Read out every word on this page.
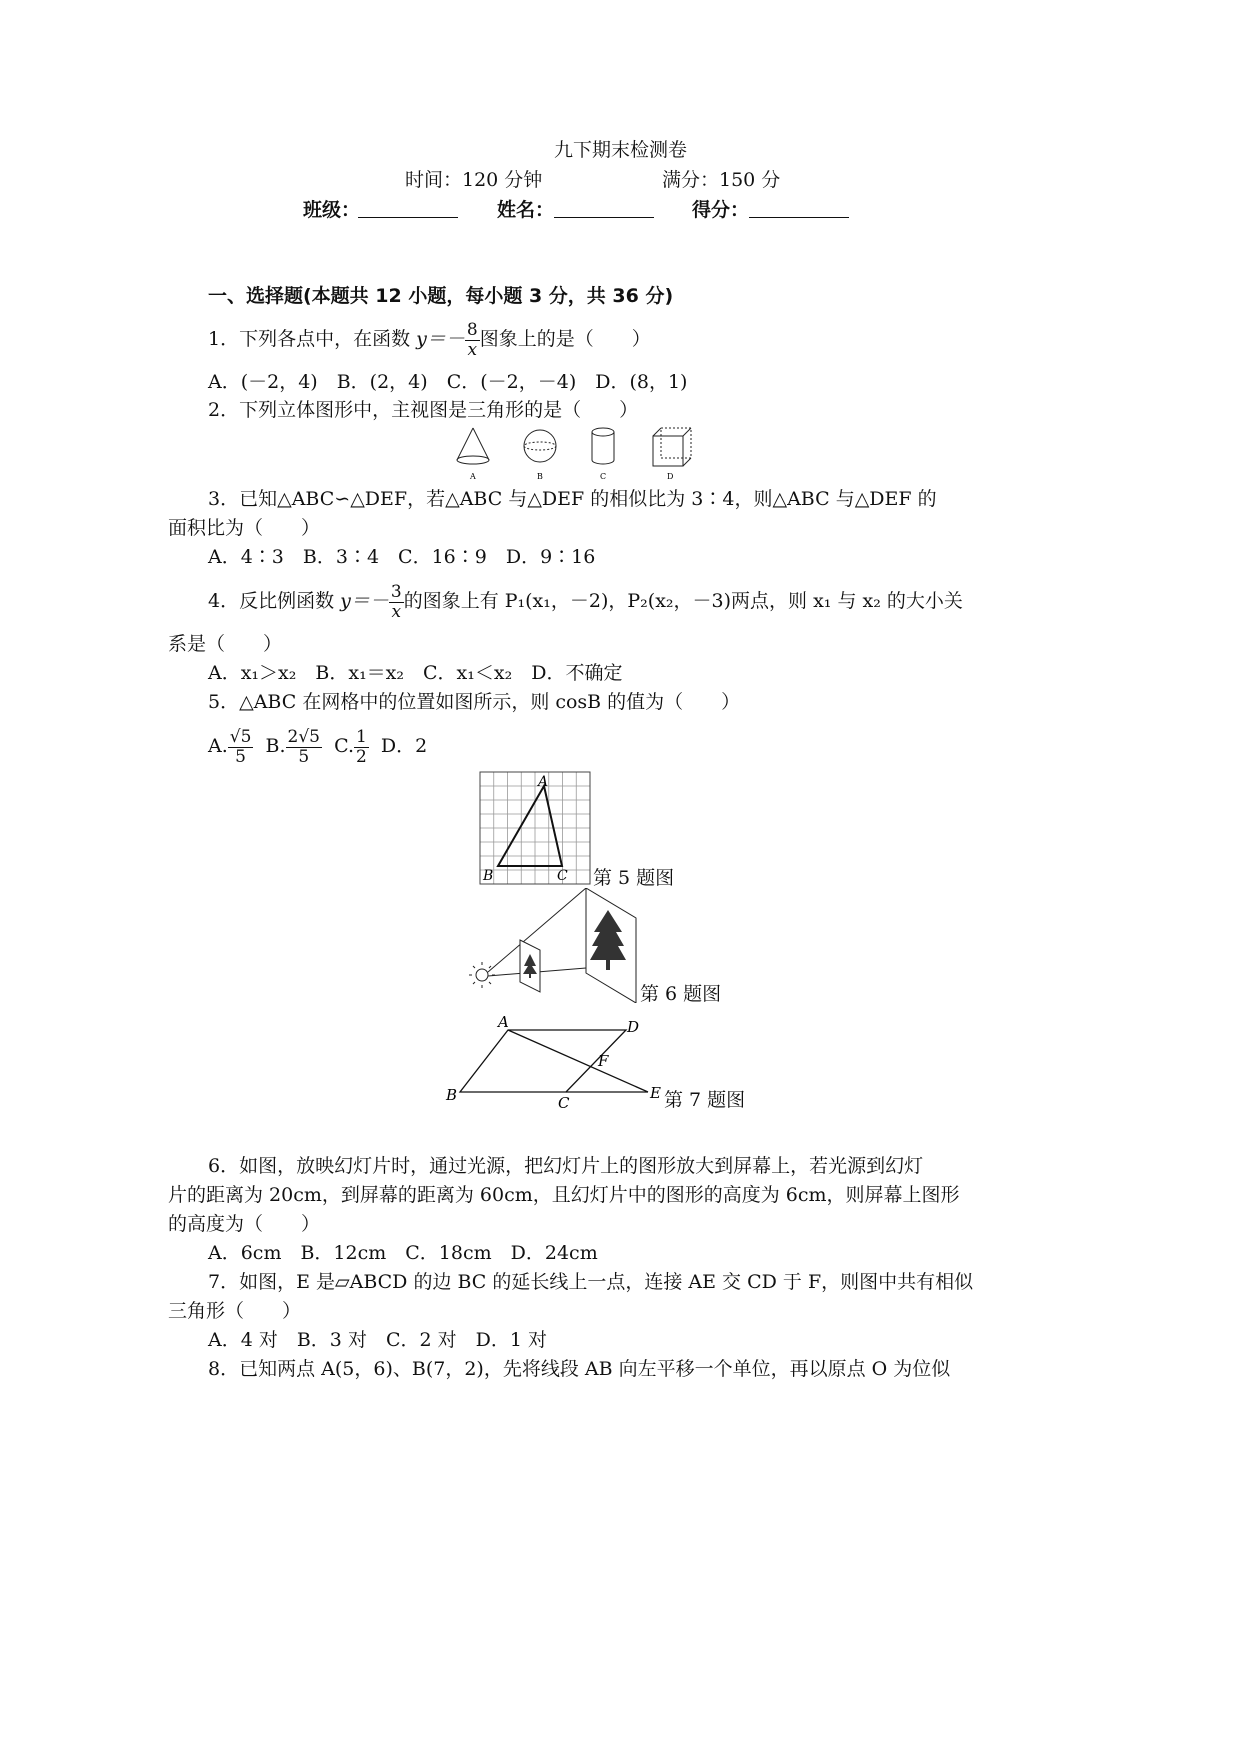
九下期末检测卷
时间：120 分钟	满分：150 分
班级：	姓名：	得分：
一、选择题(本题共 12 小题，每小题 3 分，共 36 分)
1．下列各点中，在函数 $y=- \frac{8}{x}$ 图象上的是（　　）
A．(－2，4)　B．(2，4)　C．(－2，－4)　D．(8，1)
2．下列立体图形中，主视图是三角形的是（　　）
A	B	C	D
3．已知△ABC∽△DEF，若△ABC 与△DEF 的相似比为 3∶4，则△ABC 与△DEF 的
面积比为（　　）
A．4∶3　B．3∶4　C．16∶9　D．9∶16
4．反比例函数 $y=- \frac{3}{x}$ 的图象上有 P₁(x₁，－2)，P₂(x₂，－3)两点，则 x₁ 与 x₂ 的大小关
系是（　　）
A．x₁＞x₂　B．x₁＝x₂　C．x₁＜x₂　D．不确定
5．△ABC 在网格中的位置如图所示，则 cosB 的值为（　　）
A. $\frac{√5}{5} B$. $\frac{2√5}{5} C$. $\frac{1}{2}$ D．2
A
B	C 第 5 题图
第 6 题图
A	D
B	C
E
F
第 7 题图
6．如图，放映幻灯片时，通过光源，把幻灯片上的图形放大到屏幕上，若光源到幻灯
片的距离为 20cm，到屏幕的距离为 60cm，且幻灯片中的图形的高度为 6cm，则屏幕上图形
的高度为（　　）
A．6cm　B．12cm　C．18cm　D．24cm
7．如图，E 是▱ABCD 的边 BC 的延长线上一点，连接 AE 交 CD 于 F，则图中共有相似
三角形（　　）
A．4 对　B．3 对　C．2 对　D．1 对
8．已知两点 A(5，6)、B(7，2)，先将线段 AB 向左平移一个单位，再以原点 O 为位似
